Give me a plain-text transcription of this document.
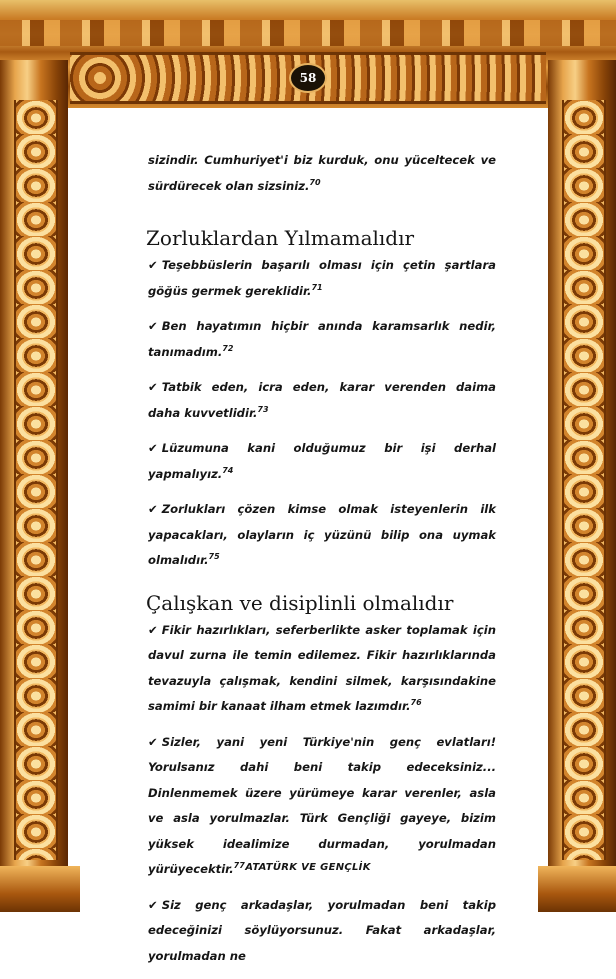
58

sizindir. Cumhuriyet'i biz kurduk, onu yüceltecek ve sürdürecek olan sizsiniz.$^{70}$

Zorluklardan Yılmamalıdır

✔ Teşebbüslerin başarılı olması için çetin şartlara göğüs germek gereklidir.$^{71}$

✔ Ben hayatımın hiçbir anında karamsarlık nedir, tanımadım.$^{72}$

✔ Tatbik eden, icra eden, karar verenden daima daha kuvvetlidir.$^{73}$

✔ Lüzumuna kani olduğumuz bir işi derhal yapmalıyız.$^{74}$

✔ Zorlukları çözen kimse olmak isteyenlerin ilk yapacakları, olayların iç yüzünü bilip ona uymak olmalıdır.$^{75}$

Çalışkan ve disiplinli olmalıdır

✔ Fikir hazırlıkları, seferberlikte asker toplamak için davul zurna ile temin edilemez. Fikir hazırlıklarında tevazuyla çalışmak, kendini silmek, karşısındakine samimi bir kanaat ilham etmek lazımdır.$^{76}$

✔ Sizler, yani yeni Türkiye'nin genç evlatları! Yorulsanız dahi beni takip edeceksiniz... Dinlenmemek üzere yürümeye karar verenler, asla ve asla yorulmazlar. Türk Gençliği gayeye, bizim yüksek idealimize durmadan, yorulmadan yürüyecektir.$^{77}$

✔ Siz genç arkadaşlar, yorulmadan beni takip edeceğinizi söylüyorsunuz. Fakat arkadaşlar, yorulmadan ne

ATATÜRK VE GENÇLİK
